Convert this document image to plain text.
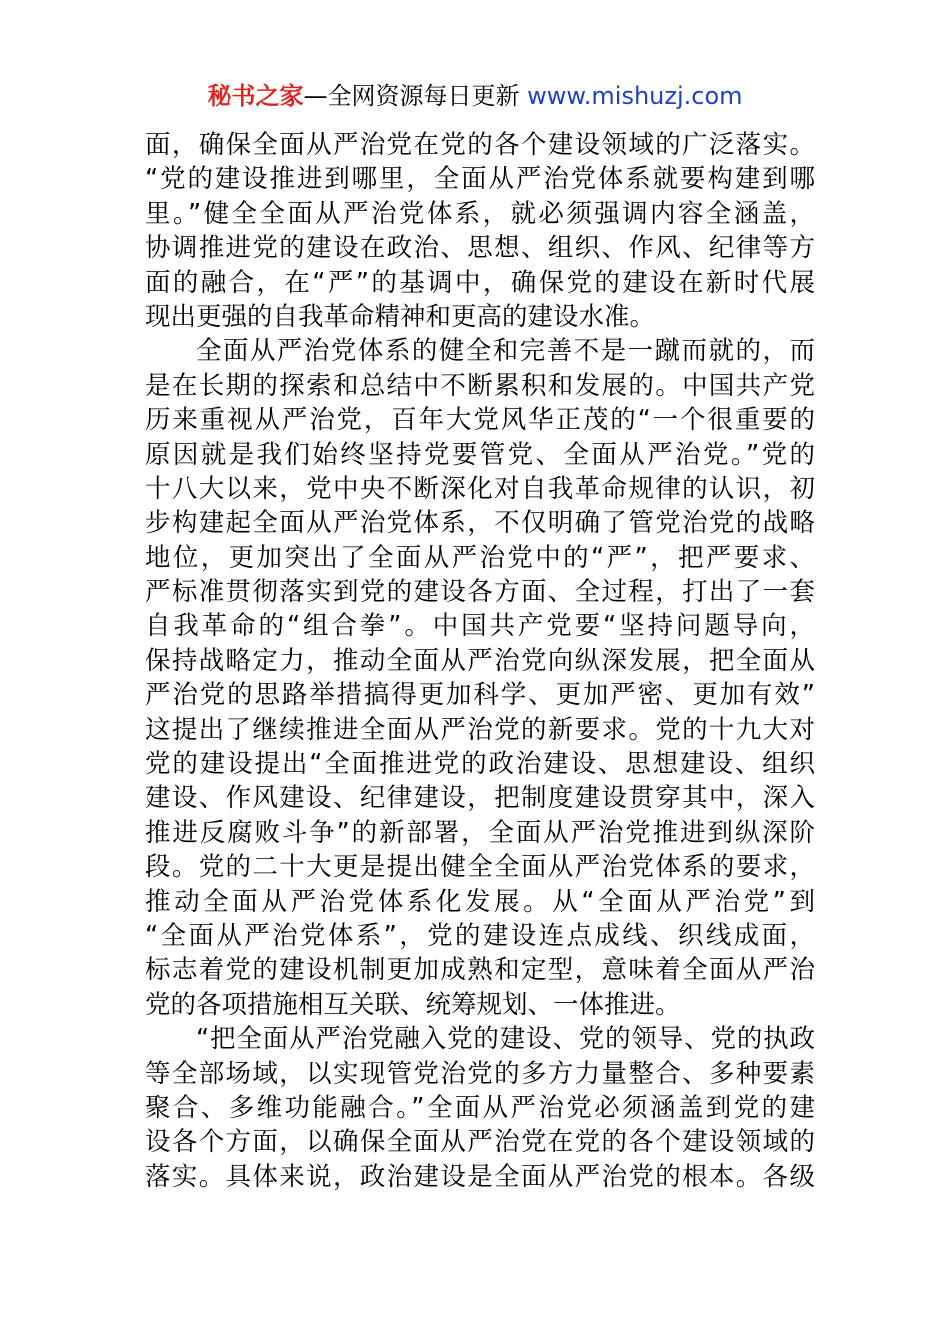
秘书之家—全网资源每日更新 www.mishuzj.com
面，确保全面从严治党在党的各个建设领域的广泛落实。
“党的建设推进到哪里，全面从严治党体系就要构建到哪
里。”健全全面从严治党体系，就必须强调内容全涵盖，
协调推进党的建设在政治、思想、组织、作风、纪律等方
面的融合，在“严”的基调中，确保党的建设在新时代展
现出更强的自我革命精神和更高的建设水准。
全面从严治党体系的健全和完善不是一蹴而就的，而
是在长期的探索和总结中不断累积和发展的。中国共产党
历来重视从严治党，百年大党风华正茂的“一个很重要的
原因就是我们始终坚持党要管党、全面从严治党。”党的
十八大以来，党中央不断深化对自我革命规律的认识，初
步构建起全面从严治党体系，不仅明确了管党治党的战略
地位，更加突出了全面从严治党中的“严”，把严要求、
严标准贯彻落实到党的建设各方面、全过程，打出了一套
自我革命的“组合拳”。中国共产党要“坚持问题导向，
保持战略定力，推动全面从严治党向纵深发展，把全面从
严治党的思路举措搞得更加科学、更加严密、更加有效”
这提出了继续推进全面从严治党的新要求。党的十九大对
党的建设提出“全面推进党的政治建设、思想建设、组织
建设、作风建设、纪律建设，把制度建设贯穿其中，深入
推进反腐败斗争”的新部署，全面从严治党推进到纵深阶
段。党的二十大更是提出健全全面从严治党体系的要求，
推动全面从严治党体系化发展。从“全面从严治党”到
“全面从严治党体系”，党的建设连点成线、织线成面，
标志着党的建设机制更加成熟和定型，意味着全面从严治
党的各项措施相互关联、统筹规划、一体推进。
“把全面从严治党融入党的建设、党的领导、党的执政
等全部场域，以实现管党治党的多方力量整合、多种要素
聚合、多维功能融合。”全面从严治党必须涵盖到党的建
设各个方面，以确保全面从严治党在党的各个建设领域的
落实。具体来说，政治建设是全面从严治党的根本。各级
